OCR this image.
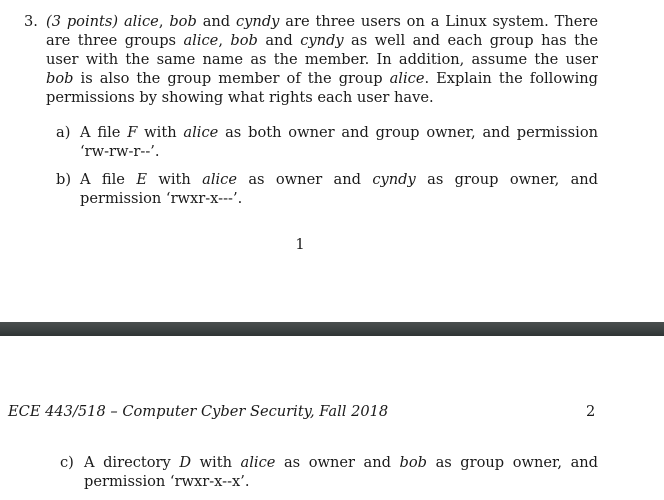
3. (3 points) alice, bob and cyndy are three users on a Linux system. There are three groups alice, bob and cyndy as well and each group has the user with the same name as the member. In addition, assume the user bob is also the group member of the group alice. Explain the following permissions by showing what rights each user have.
a) A file F with alice as both owner and group owner, and permission ‘rw-rw-r--’.
b) A file E with alice as owner and cyndy as group owner, and permission ‘rwxr-x---’.
1
ECE 443/518 – Computer Cyber Security, Fall 2018	2
c) A directory D with alice as owner and bob as group owner, and permission ‘rwxr-x--x’.
